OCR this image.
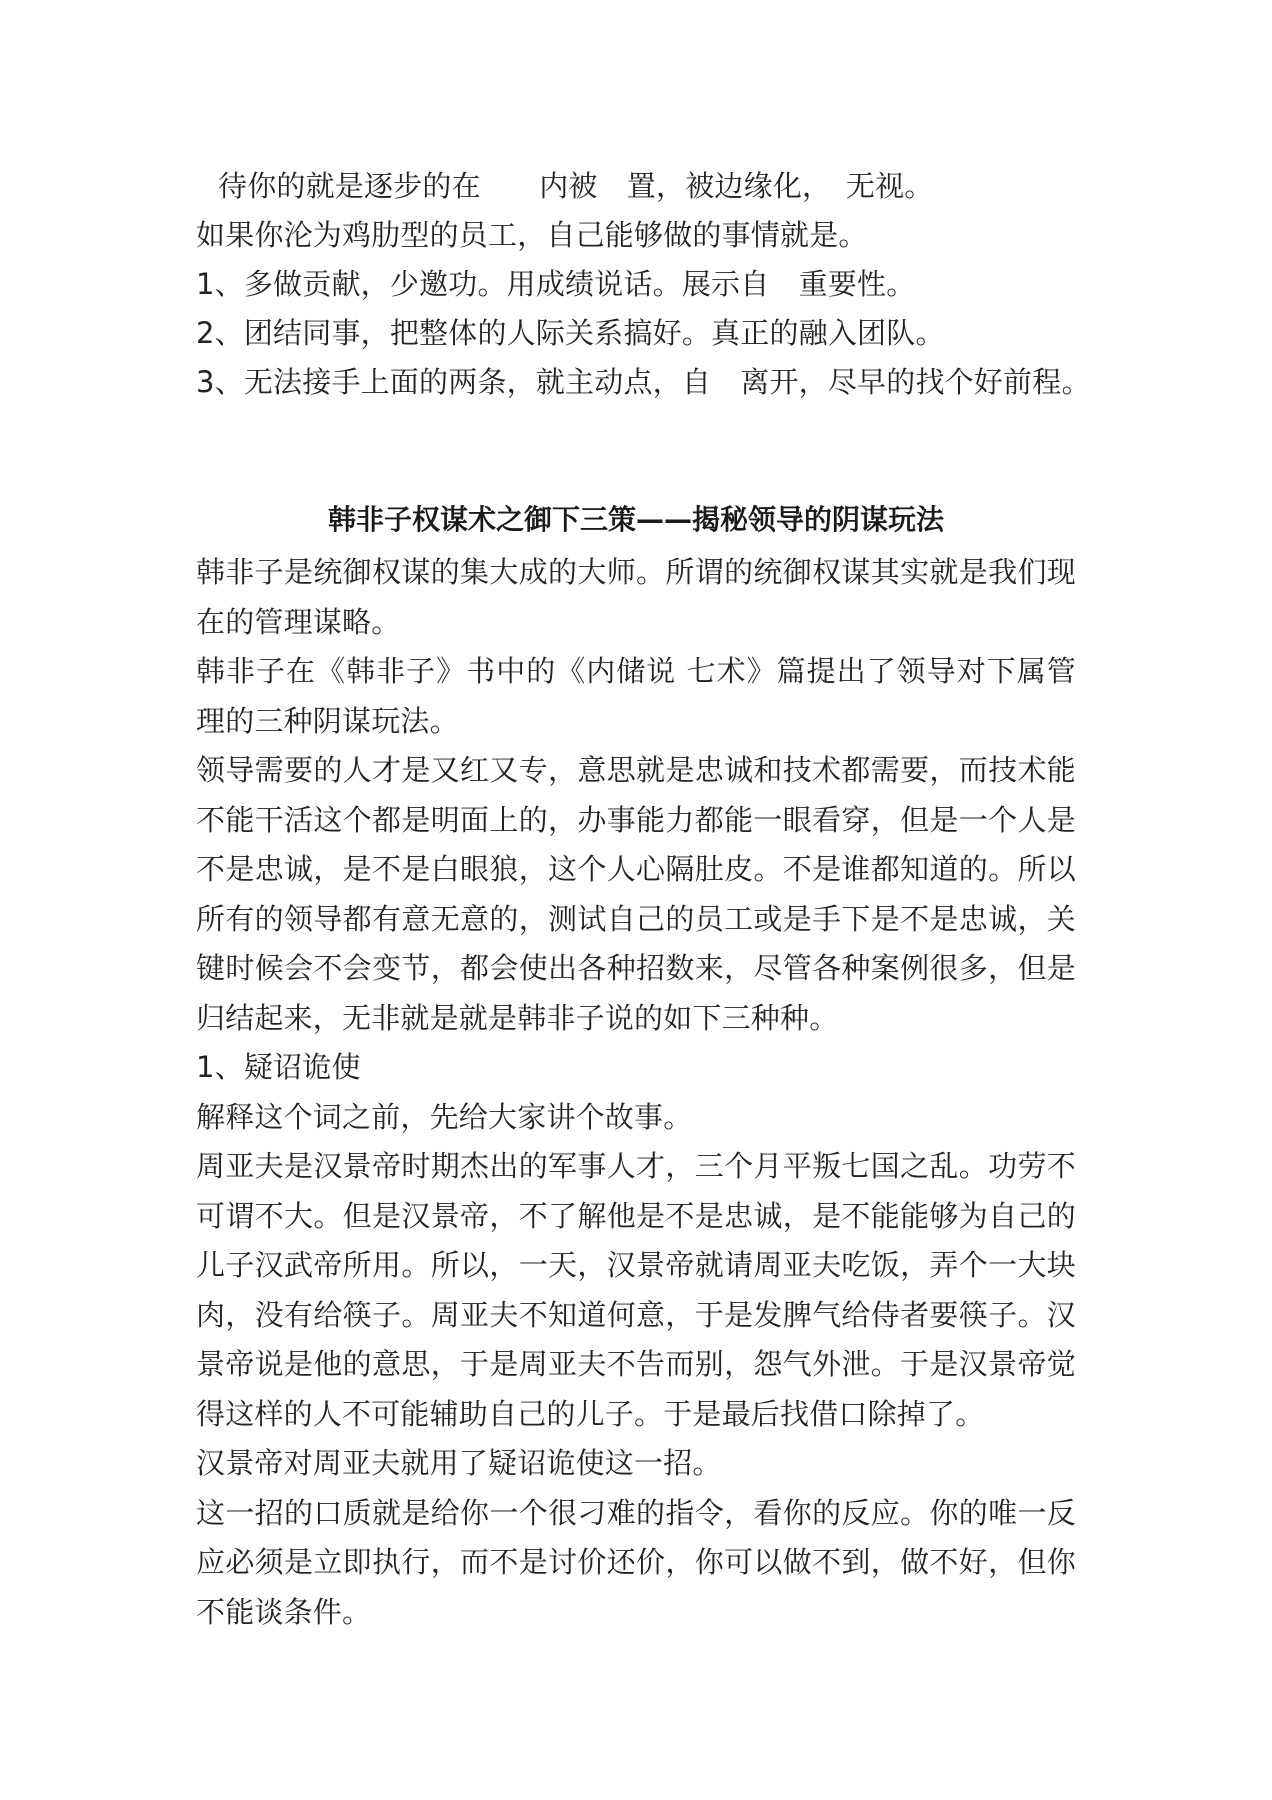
待你的就是逐步的在　　内被　置，被边缘化，　无视。

如果你沦为鸡肋型的员工，自己能够做的事情就是。

1、多做贡献，少邀功。用成绩说话。展示自　重要性。

2、团结同事，把整体的人际关系搞好。真正的融入团队。

3、无法接手上面的两条，就主动点，自　离开，尽早的找个好前程。

韩非子权谋术之御下三策——揭秘领导的阴谋玩法

韩非子是统御权谋的集大成的大师。所谓的统御权谋其实就是我们现在的管理谋略。

韩非子在《韩非子》书中的《内储说 七术》篇提出了领导对下属管理的三种阴谋玩法。

领导需要的人才是又红又专，意思就是忠诚和技术都需要，而技术能不能干活这个都是明面上的，办事能力都能一眼看穿，但是一个人是不是忠诚，是不是白眼狼，这个人心隔肚皮。不是谁都知道的。所以所有的领导都有意无意的，测试自己的员工或是手下是不是忠诚，关键时候会不会变节，都会使出各种招数来，尽管各种案例很多，但是归结起来，无非就是就是韩非子说的如下三种种。

1、疑诏诡使

解释这个词之前，先给大家讲个故事。

周亚夫是汉景帝时期杰出的军事人才，三个月平叛七国之乱。功劳不可谓不大。但是汉景帝，不了解他是不是忠诚，是不能能够为自己的儿子汉武帝所用。所以，一天，汉景帝就请周亚夫吃饭，弄个一大块肉，没有给筷子。周亚夫不知道何意，于是发脾气给侍者要筷子。汉景帝说是他的意思，于是周亚夫不告而别，怨气外泄。于是汉景帝觉得这样的人不可能辅助自己的儿子。于是最后找借口除掉了。

汉景帝对周亚夫就用了疑诏诡使这一招。

这一招的口质就是给你一个很刁难的指令，看你的反应。你的唯一反应必须是立即执行，而不是讨价还价，你可以做不到，做不好，但你不能谈条件。
